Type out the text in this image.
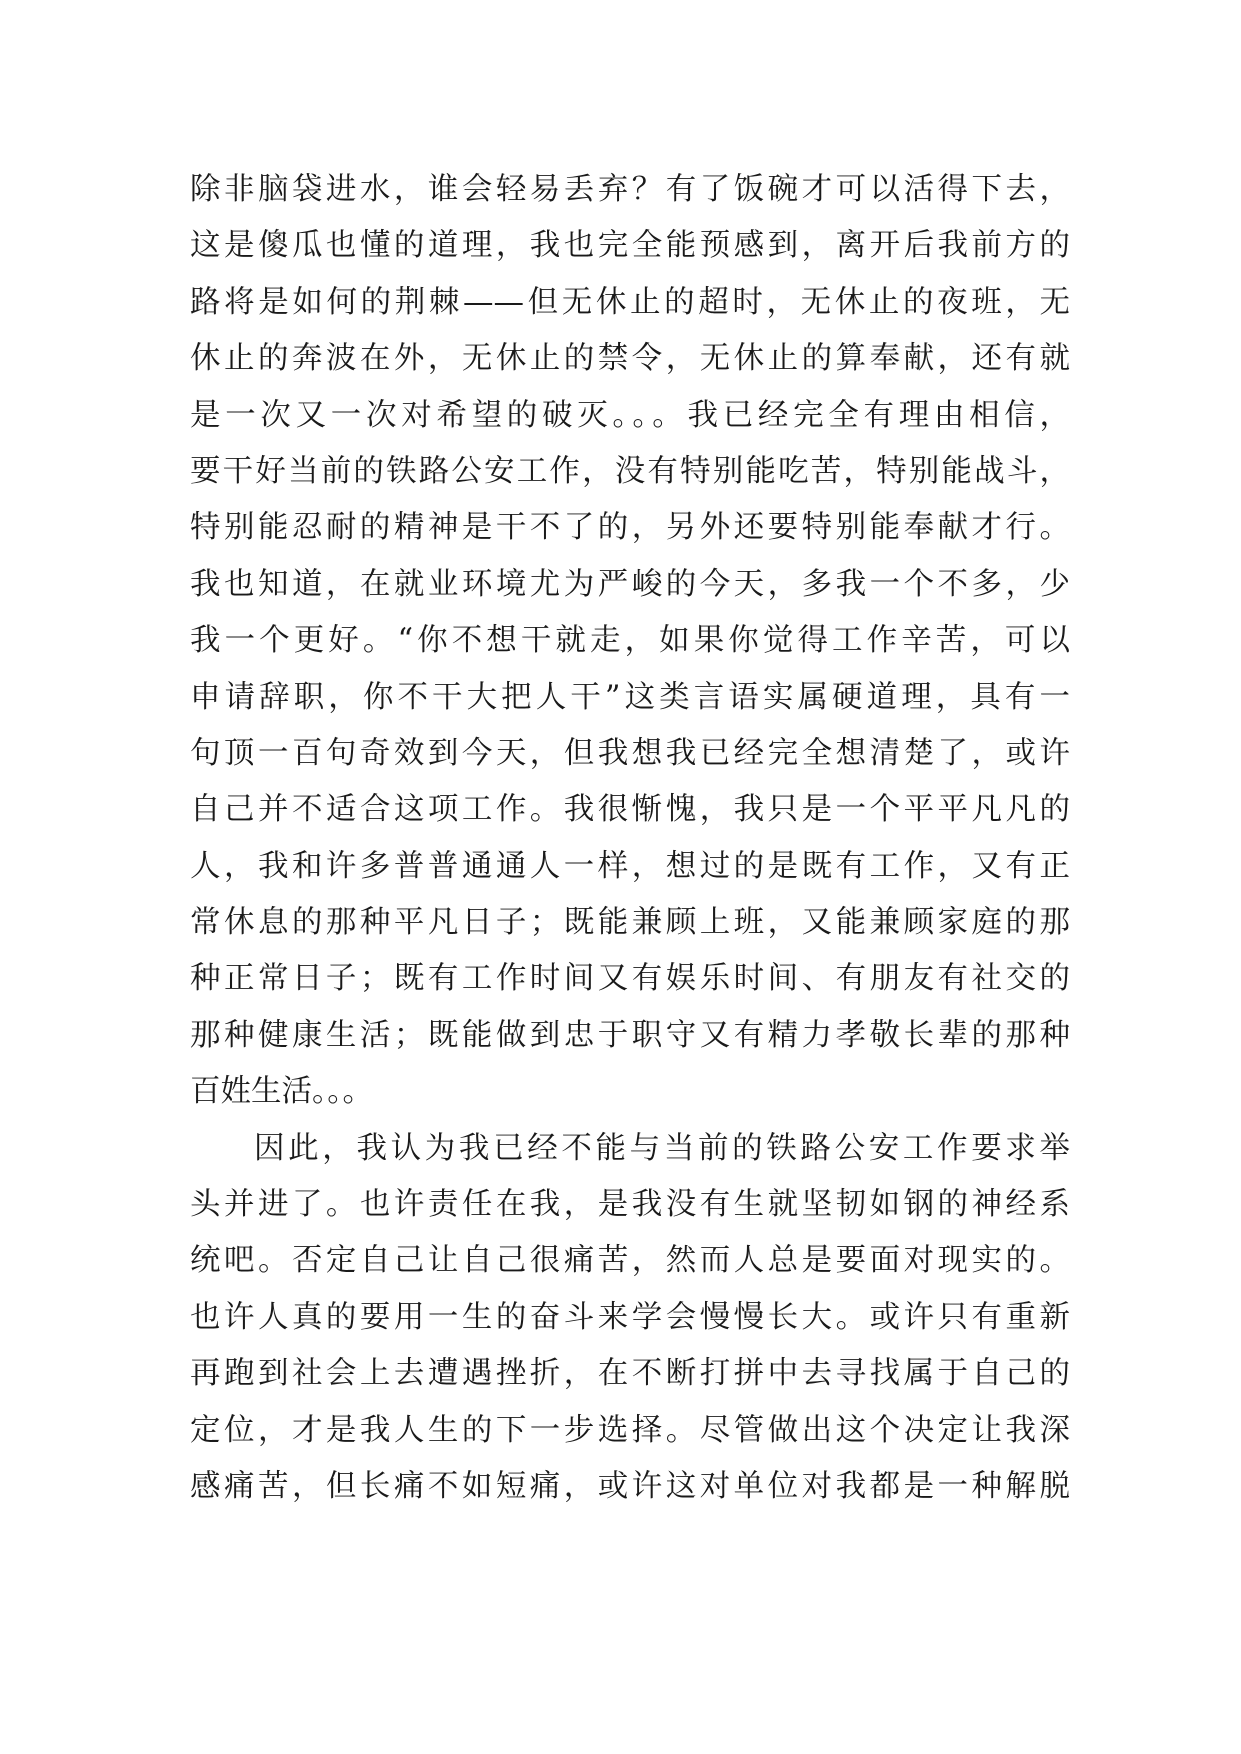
除非脑袋进水，谁会轻易丢弃？有了饭碗才可以活得下去，
这是傻瓜也懂的道理，我也完全能预感到，离开后我前方的
路将是如何的荆棘——但无休止的超时，无休止的夜班，无
休止的奔波在外，无休止的禁令，无休止的算奉献，还有就
是一次又一次对希望的破灭。。。我已经完全有理由相信，
要干好当前的铁路公安工作，没有特别能吃苦，特别能战斗，
特别能忍耐的精神是干不了的，另外还要特别能奉献才行。
我也知道，在就业环境尤为严峻的今天，多我一个不多，少
我一个更好。“你不想干就走，如果你觉得工作辛苦，可以
申请辞职，你不干大把人干”这类言语实属硬道理，具有一
句顶一百句奇效到今天，但我想我已经完全想清楚了，或许
自己并不适合这项工作。我很惭愧，我只是一个平平凡凡的
人，我和许多普普通通人一样，想过的是既有工作，又有正
常休息的那种平凡日子；既能兼顾上班，又能兼顾家庭的那
种正常日子；既有工作时间又有娱乐时间、有朋友有社交的
那种健康生活；既能做到忠于职守又有精力孝敬长辈的那种
百姓生活。。。
因此，我认为我已经不能与当前的铁路公安工作要求举
头并进了。也许责任在我，是我没有生就坚韧如钢的神经系
统吧。否定自己让自己很痛苦，然而人总是要面对现实的。
也许人真的要用一生的奋斗来学会慢慢长大。或许只有重新
再跑到社会上去遭遇挫折，在不断打拼中去寻找属于自己的
定位，才是我人生的下一步选择。尽管做出这个决定让我深
感痛苦，但长痛不如短痛，或许这对单位对我都是一种解脱
